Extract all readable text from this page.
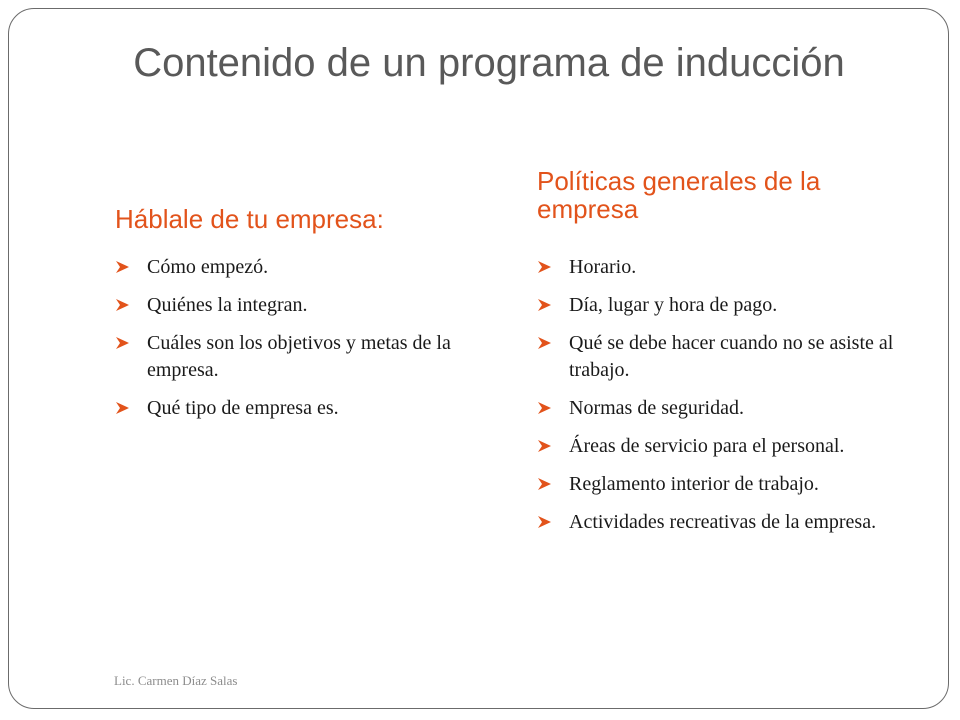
Contenido de un programa de inducción
Háblale de tu empresa:
Políticas generales de la empresa
Cómo empezó.
Quiénes la integran.
Cuáles son los objetivos y metas de la empresa.
Qué tipo de empresa es.
Horario.
Día, lugar y hora de pago.
Qué se debe hacer cuando no se asiste al trabajo.
Normas de seguridad.
Áreas de servicio para el personal.
Reglamento interior de trabajo.
Actividades recreativas de la empresa.
Lic. Carmen Díaz Salas
